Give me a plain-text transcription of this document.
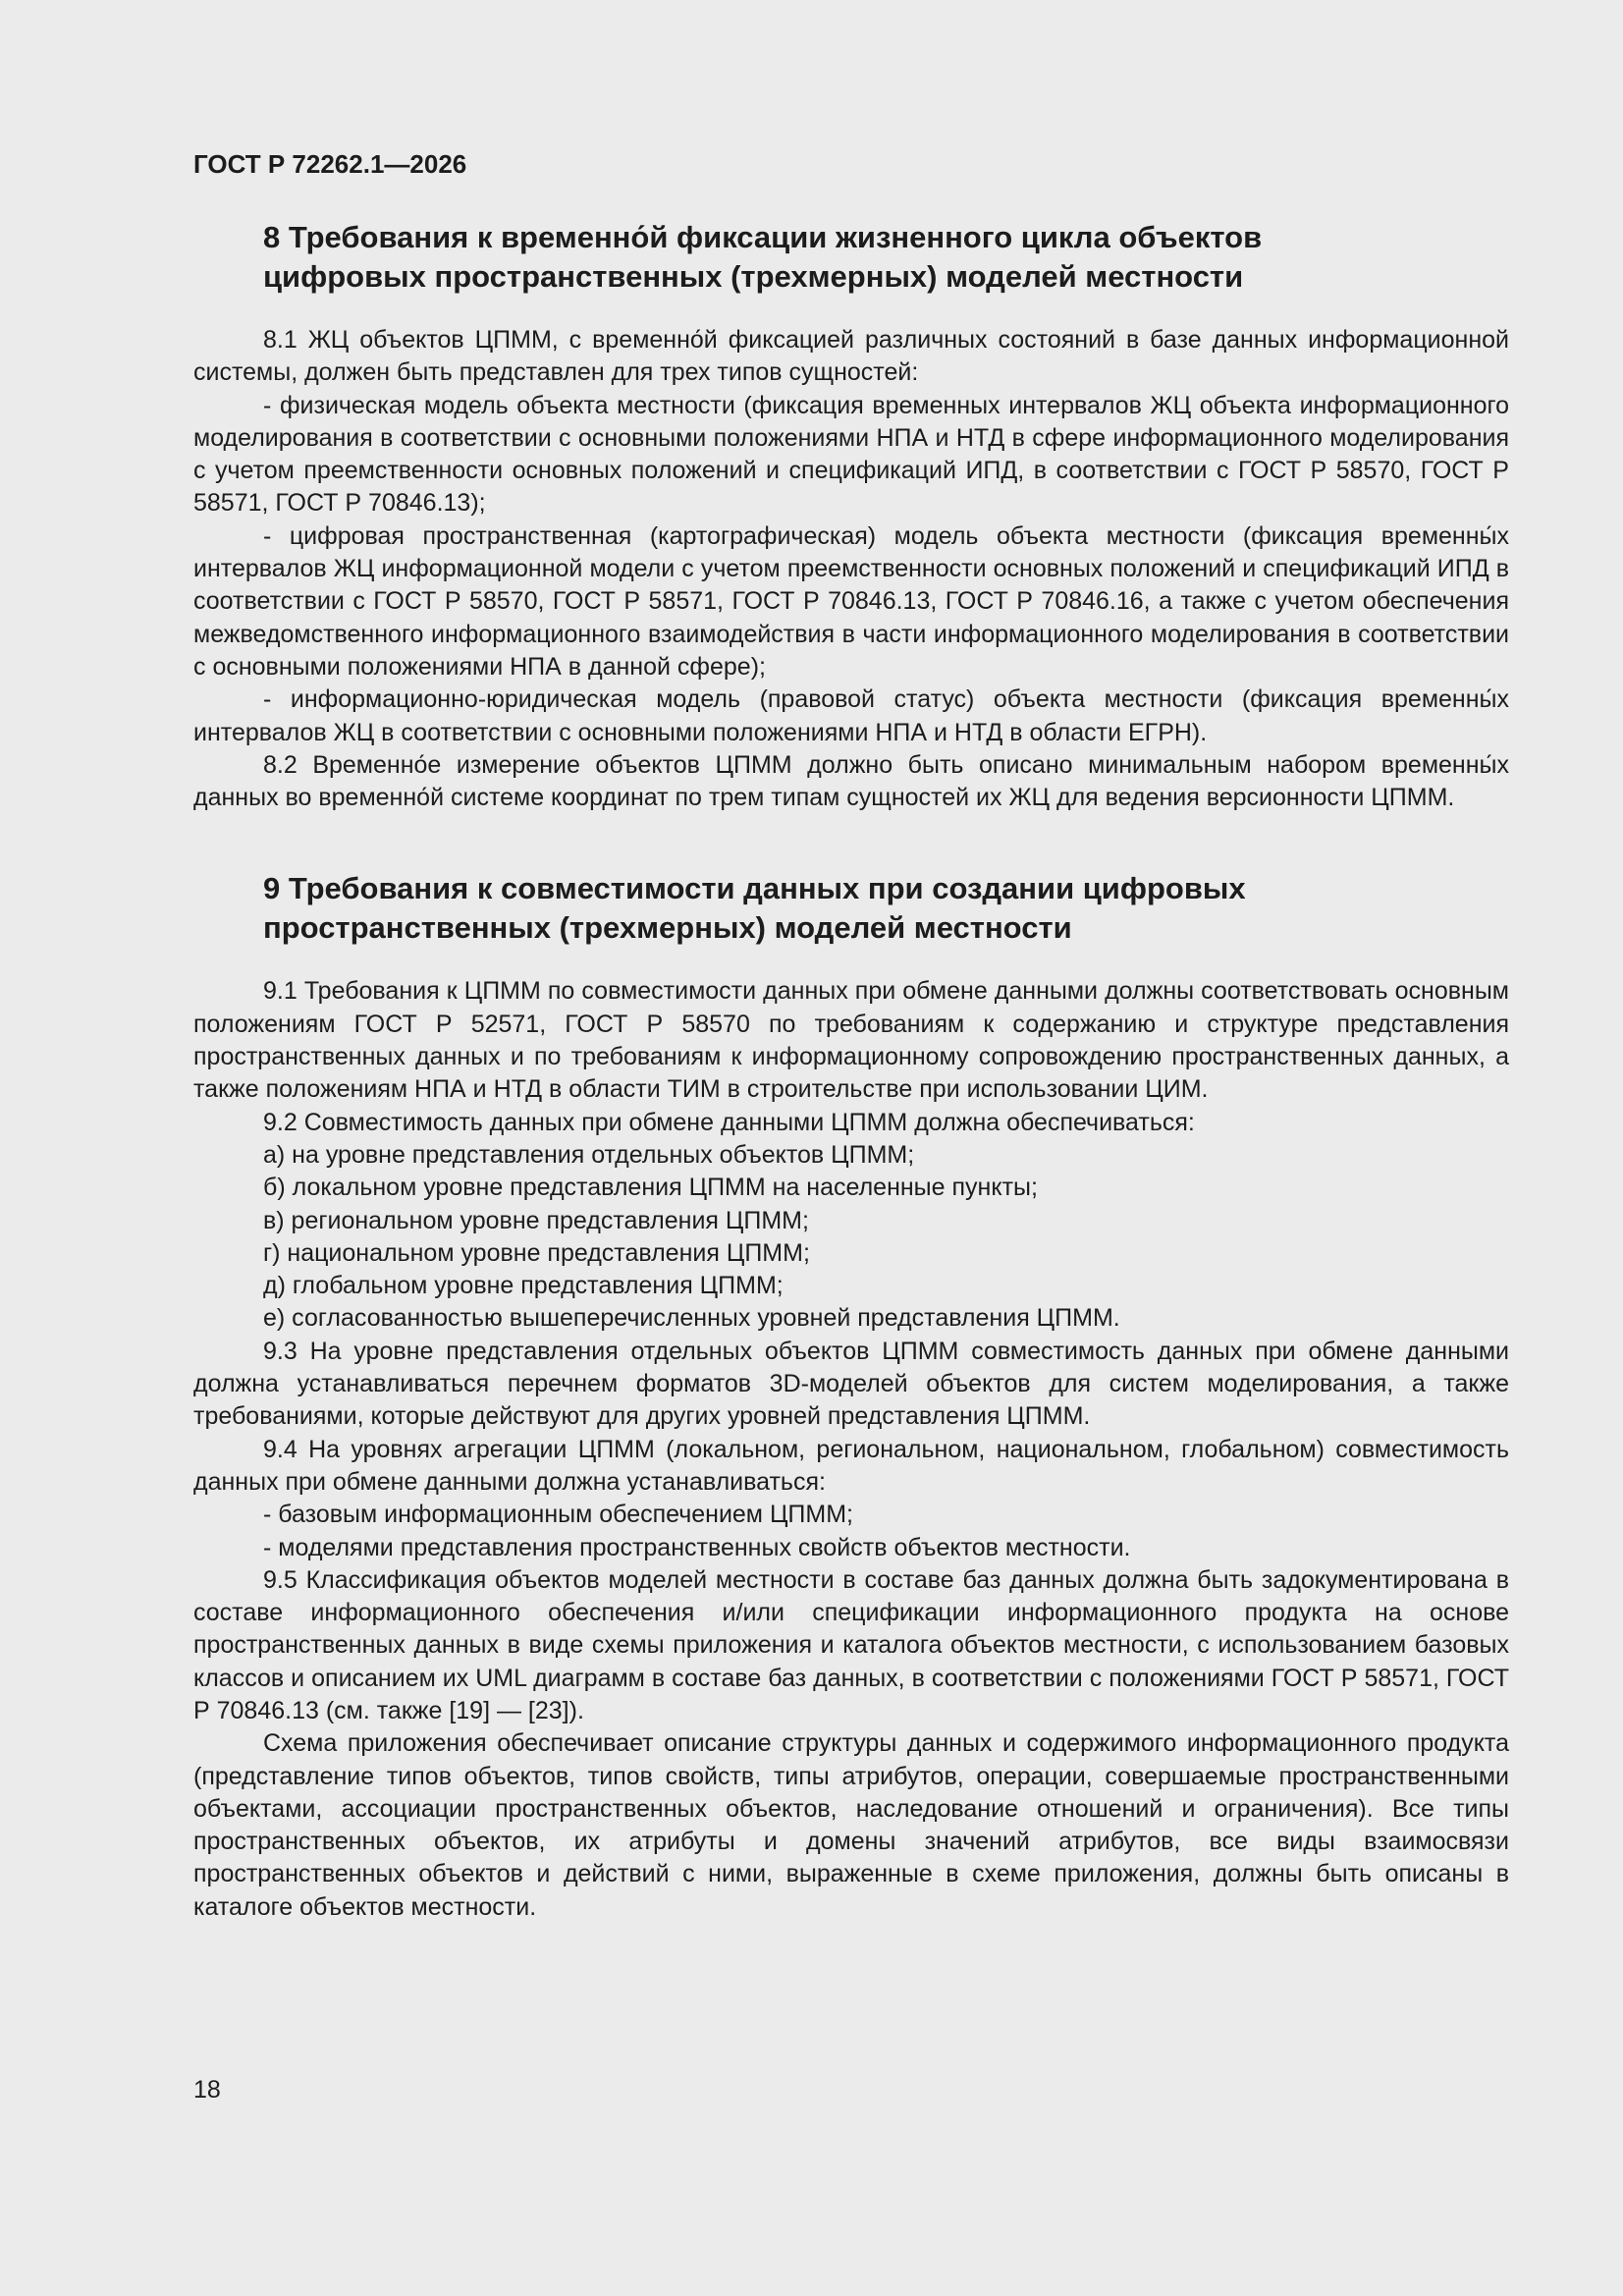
ГОСТ Р 72262.1—2026

8 Требования к временно́й фиксации жизненного цикла объектов
цифровых пространственных (трехмерных) моделей местности

8.1 ЖЦ объектов ЦПММ, с временно́й фиксацией различных состояний в базе данных информационной системы, должен быть представлен для трех типов сущностей:

- физическая модель объекта местности (фиксация временных интервалов ЖЦ объекта информационного моделирования в соответствии с основными положениями НПА и НТД в сфере информационного моделирования с учетом преемственности основных положений и спецификаций ИПД, в соответствии с ГОСТ Р 58570, ГОСТ Р 58571, ГОСТ Р 70846.13);

- цифровая пространственная (картографическая) модель объекта местности (фиксация временны́х интервалов ЖЦ информационной модели с учетом преемственности основных положений и спецификаций ИПД в соответствии с ГОСТ Р 58570, ГОСТ Р 58571, ГОСТ Р 70846.13, ГОСТ Р 70846.16, а также с учетом обеспечения межведомственного информационного взаимодействия в части информационного моделирования в соответствии с основными положениями НПА в данной сфере);

- информационно-юридическая модель (правовой статус) объекта местности (фиксация временны́х интервалов ЖЦ в соответствии с основными положениями НПА и НТД в области ЕГРН).

8.2 Временно́е измерение объектов ЦПММ должно быть описано минимальным набором временны́х данных во временно́й системе координат по трем типам сущностей их ЖЦ для ведения версионности ЦПММ.

9 Требования к совместимости данных при создании цифровых
пространственных (трехмерных) моделей местности

9.1 Требования к ЦПММ по совместимости данных при обмене данными должны соответствовать основным положениям ГОСТ Р 52571, ГОСТ Р 58570 по требованиям к содержанию и структуре представления пространственных данных и по требованиям к информационному сопровождению пространственных данных, а также положениям НПА и НТД в области ТИМ в строительстве при использовании ЦИМ.

9.2 Совместимость данных при обмене данными ЦПММ должна обеспечиваться:

а) на уровне представления отдельных объектов ЦПММ;

б) локальном уровне представления ЦПММ на населенные пункты;

в) региональном уровне представления ЦПММ;

г) национальном уровне представления ЦПММ;

д) глобальном уровне представления ЦПММ;

е) согласованностью вышеперечисленных уровней представления ЦПММ.

9.3 На уровне представления отдельных объектов ЦПММ совместимость данных при обмене данными должна устанавливаться перечнем форматов 3D-моделей объектов для систем моделирования, а также требованиями, которые действуют для других уровней представления ЦПММ.

9.4 На уровнях агрегации ЦПММ (локальном, региональном, национальном, глобальном) совместимость данных при обмене данными должна устанавливаться:

- базовым информационным обеспечением ЦПММ;

- моделями представления пространственных свойств объектов местности.

9.5 Классификация объектов моделей местности в составе баз данных должна быть задокументирована в составе информационного обеспечения и/или спецификации информационного продукта на основе пространственных данных в виде схемы приложения и каталога объектов местности, с использованием базовых классов и описанием их UML диаграмм в составе баз данных, в соответствии с положениями ГОСТ Р 58571, ГОСТ Р 70846.13 (см. также [19] — [23]).

Схема приложения обеспечивает описание структуры данных и содержимого информационного продукта (представление типов объектов, типов свойств, типы атрибутов, операции, совершаемые пространственными объектами, ассоциации пространственных объектов, наследование отношений и ограничения). Все типы пространственных объектов, их атрибуты и домены значений атрибутов, все виды взаимосвязи пространственных объектов и действий с ними, выраженные в схеме приложения, должны быть описаны в каталоге объектов местности.

18
